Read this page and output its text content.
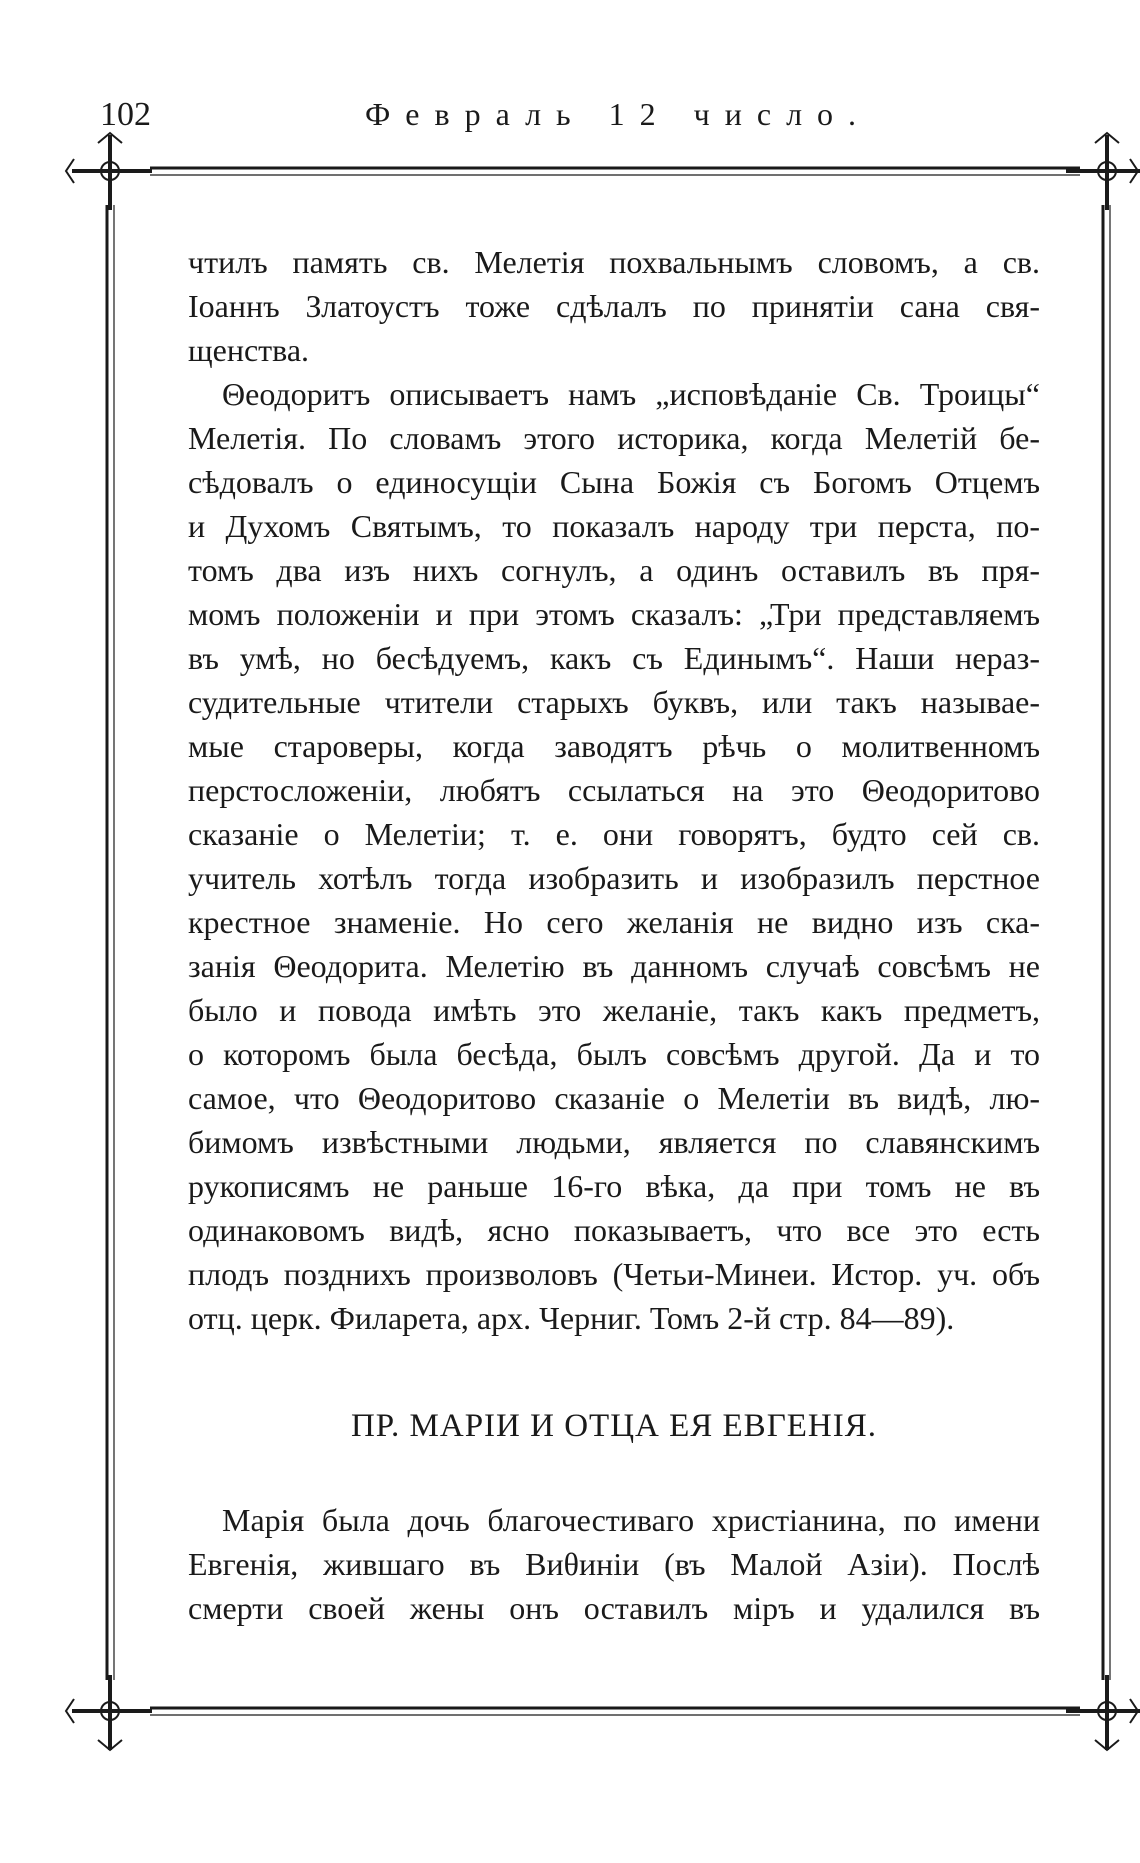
102	Февраль 12 число.
чтилъ память св. Мелетія похвальнымъ словомъ, а св.
Іоаннъ Златоустъ тоже сдѣлалъ по принятіи сана свя-
щенства.
Θеодоритъ описываетъ намъ „исповѣданіе Св. Троицы“
Мелетія. По словамъ этого историка, когда Мелетій бе-
сѣдовалъ о единосущіи Сына Божія съ Богомъ Отцемъ
и Духомъ Святымъ, то показалъ народу три перста, по-
томъ два изъ нихъ согнулъ, а одинъ оставилъ въ пря-
момъ положеніи и при этомъ сказалъ: „Три представляемъ
въ умѣ, но бесѣдуемъ, какъ съ Единымъ“. Наши нераз-
судительные чтители старыхъ буквъ, или такъ называе-
мые староверы, когда заводятъ рѣчь о молитвенномъ
перстосложеніи, любятъ ссылаться на это Θеодоритово
сказаніе о Мелетіи; т. е. они говорятъ, будто сей св.
учитель хотѣлъ тогда изобразить и изобразилъ перстное
крестное знаменіе. Но сего желанія не видно изъ ска-
занія Θеодорита. Мелетію въ данномъ случаѣ совсѣмъ не
было и повода имѣть это желаніе, такъ какъ предметъ,
о которомъ была бесѣда, былъ совсѣмъ другой. Да и то
самое, что Θеодоритово сказаніе о Мелетіи въ видѣ, лю-
бимомъ извѣстными людьми, является по славянскимъ
рукописямъ не раньше 16-го вѣка, да при томъ не въ
одинаковомъ видѣ, ясно показываетъ, что все это есть
плодъ позднихъ произволовъ (Четьи-Минеи. Истор. уч. объ
отц. церк. Филарета, арх. Черниг. Томъ 2-й стр. 84—89).
ПР. МАРІИ И ОТЦА ЕЯ ЕВГЕНІЯ.
Марія была дочь благочестиваго христіанина, по имени
Евгенія, жившаго въ Виθиніи (въ Малой Азіи). Послѣ
смерти своей жены онъ оставилъ міръ и удалился въ
